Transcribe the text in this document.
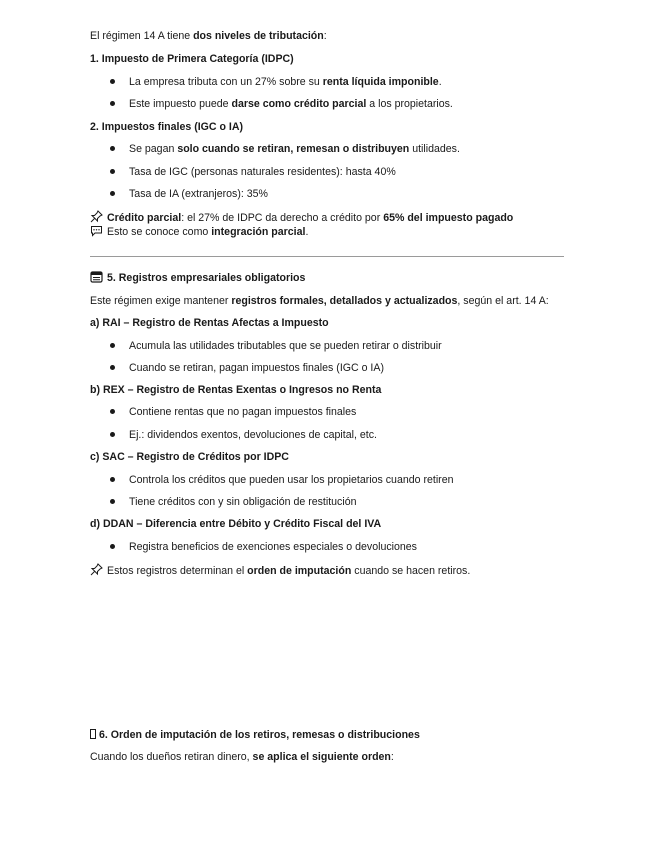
El régimen 14 A tiene dos niveles de tributación:
1. Impuesto de Primera Categoría (IDPC)
La empresa tributa con un 27% sobre su renta líquida imponible.
Este impuesto puede darse como crédito parcial a los propietarios.
2. Impuestos finales (IGC o IA)
Se pagan solo cuando se retiran, remesan o distribuyen utilidades.
Tasa de IGC (personas naturales residentes): hasta 40%
Tasa de IA (extranjeros): 35%
Crédito parcial: el 27% de IDPC da derecho a crédito por 65% del impuesto pagado
Esto se conoce como integración parcial.
5. Registros empresariales obligatorios
Este régimen exige mantener registros formales, detallados y actualizados, según el art. 14 A:
a) RAI – Registro de Rentas Afectas a Impuesto
Acumula las utilidades tributables que se pueden retirar o distribuir
Cuando se retiran, pagan impuestos finales (IGC o IA)
b) REX – Registro de Rentas Exentas o Ingresos no Renta
Contiene rentas que no pagan impuestos finales
Ej.: dividendos exentos, devoluciones de capital, etc.
c) SAC – Registro de Créditos por IDPC
Controla los créditos que pueden usar los propietarios cuando retiren
Tiene créditos con y sin obligación de restitución
d) DDAN – Diferencia entre Débito y Crédito Fiscal del IVA
Registra beneficios de exenciones especiales o devoluciones
Estos registros determinan el orden de imputación cuando se hacen retiros.
6. Orden de imputación de los retiros, remesas o distribuciones
Cuando los dueños retiran dinero, se aplica el siguiente orden:
